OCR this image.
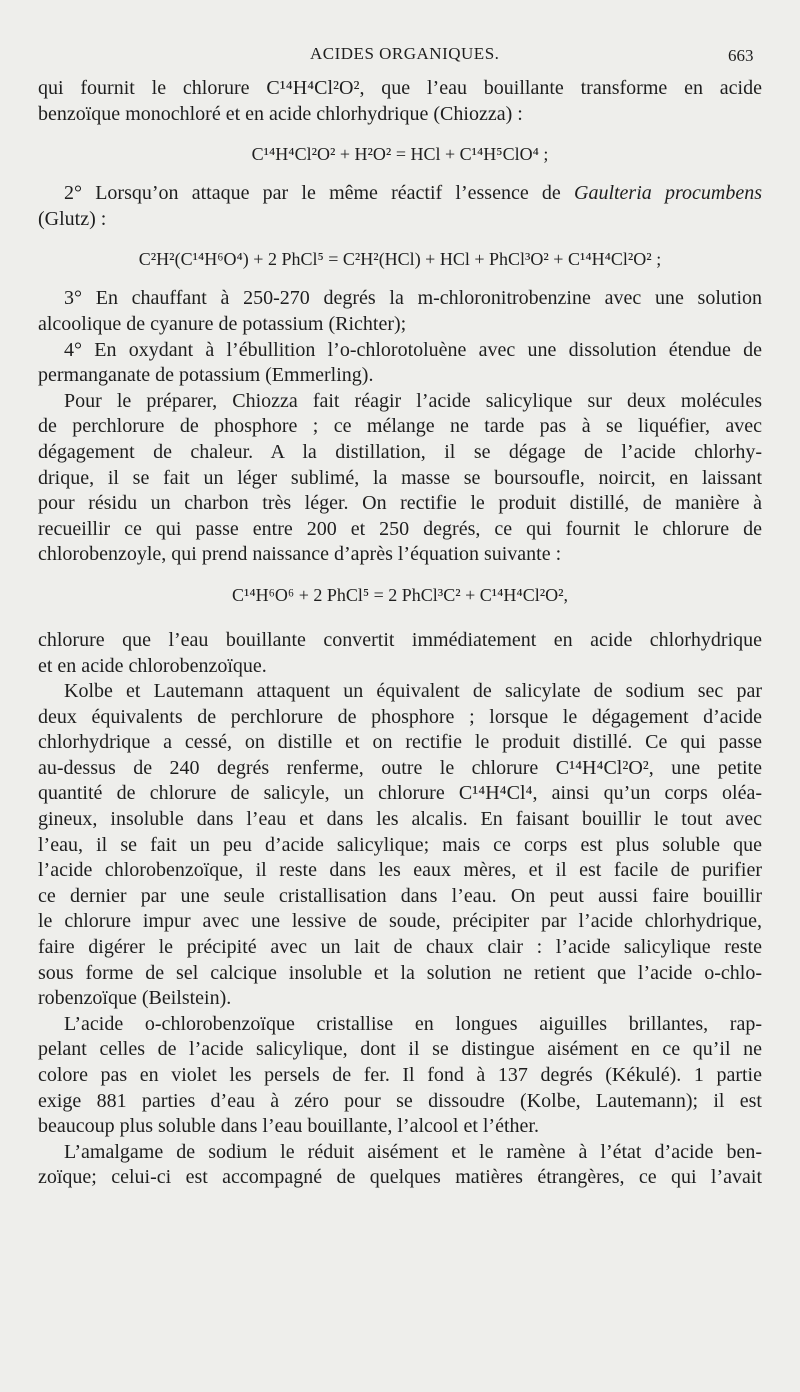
ACIDES ORGANIQUES.	663
qui fournit le chlorure C¹⁴H⁴Cl²O², que l’eau bouillante transforme en acide
benzoïque monochloré et en acide chlorhydrique (Chiozza) :
C¹⁴H⁴Cl²O² + H²O² = HCl + C¹⁴H⁵ClO⁴ ;
2° Lorsqu’on attaque par le même réactif l’essence de Gaulteria procumbens
(Glutz) :
C²H²(C¹⁴H⁶O⁴) + 2 PhCl⁵ = C²H²(HCl) + HCl + PhCl³O² + C¹⁴H⁴Cl²O² ;
3° En chauffant à 250-270 degrés la m-chloronitrobenzine avec une solution
alcoolique de cyanure de potassium (Richter);
4° En oxydant à l’ébullition l’o-chlorotoluène avec une dissolution étendue de
permanganate de potassium (Emmerling).
Pour le préparer, Chiozza fait réagir l’acide salicylique sur deux molécules
de perchlorure de phosphore ; ce mélange ne tarde pas à se liquéfier, avec
dégagement de chaleur. A la distillation, il se dégage de l’acide chlorhy-
drique, il se fait un léger sublimé, la masse se boursoufle, noircit, en laissant
pour résidu un charbon très léger. On rectifie le produit distillé, de manière à
recueillir ce qui passe entre 200 et 250 degrés, ce qui fournit le chlorure de
chlorobenzoyle, qui prend naissance d’après l’équation suivante :
C¹⁴H⁶O⁶ + 2 PhCl⁵ = 2 PhCl³C² + C¹⁴H⁴Cl²O²,
chlorure que l’eau bouillante convertit immédiatement en acide chlorhydrique
et en acide chlorobenzoïque.
Kolbe et Lautemann attaquent un équivalent de salicylate de sodium sec par
deux équivalents de perchlorure de phosphore ; lorsque le dégagement d’acide
chlorhydrique a cessé, on distille et on rectifie le produit distillé. Ce qui passe
au-dessus de 240 degrés renferme, outre le chlorure C¹⁴H⁴Cl²O², une petite
quantité de chlorure de salicyle, un chlorure C¹⁴H⁴Cl⁴, ainsi qu’un corps oléa-
gineux, insoluble dans l’eau et dans les alcalis. En faisant bouillir le tout avec
l’eau, il se fait un peu d’acide salicylique; mais ce corps est plus soluble que
l’acide chlorobenzoïque, il reste dans les eaux mères, et il est facile de purifier
ce dernier par une seule cristallisation dans l’eau. On peut aussi faire bouillir
le chlorure impur avec une lessive de soude, précipiter par l’acide chlorhydrique,
faire digérer le précipité avec un lait de chaux clair : l’acide salicylique reste
sous forme de sel calcique insoluble et la solution ne retient que l’acide o-chlo-
robenzoïque (Beilstein).
L’acide o-chlorobenzoïque cristallise en longues aiguilles brillantes, rap-
pelant celles de l’acide salicylique, dont il se distingue aisément en ce qu’il ne
colore pas en violet les persels de fer. Il fond à 137 degrés (Kékulé). 1 partie
exige 881 parties d’eau à zéro pour se dissoudre (Kolbe, Lautemann); il est
beaucoup plus soluble dans l’eau bouillante, l’alcool et l’éther.
L’amalgame de sodium le réduit aisément et le ramène à l’état d’acide ben-
zoïque; celui-ci est accompagné de quelques matières étrangères, ce qui l’avait
